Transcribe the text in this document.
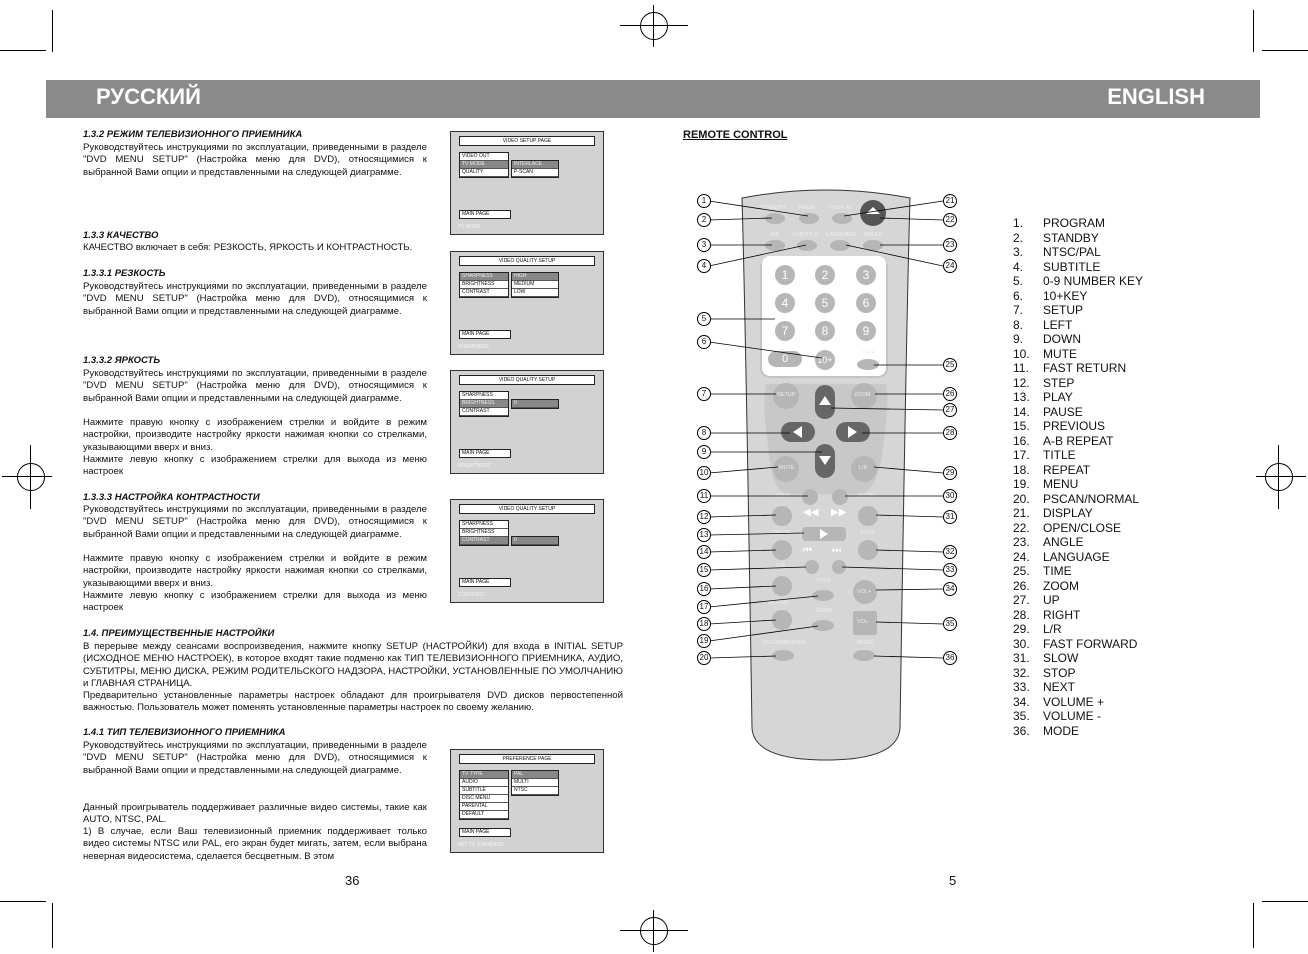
РУССКИЙ	ENGLISH
1.3.2 РЕЖИМ ТЕЛЕВИЗИОННОГО ПРИЕМНИКА
Руководствуйтесь инструкциями по эксплуатации, приведенными в разделе "DVD MENU SETUP" (Настройка меню для DVD), относящимися к выбранной Вами опции и представленными на следующей диаграмме.
1.3.3 КАЧЕСТВО
КАЧЕСТВО включает в себя: РЕЗКОСТЬ, ЯРКОСТЬ И КОНТРАСТНОСТЬ.
1.3.3.1 РЕЗКОСТЬ
Руководствуйтесь инструкциями по эксплуатации, приведенными в разделе "DVD MENU SETUP" (Настройка меню для DVD), относящимися к выбранной Вами опции и представленными на следующей диаграмме.
1.3.3.2 ЯРКОСТЬ
Руководствуйтесь инструкциями по эксплуатации, приведенными в разделе "DVD MENU SETUP" (Настройка меню для DVD), относящимися к выбранной Вами опции и представленными на следующей диаграмме.
Нажмите правую кнопку с изображением стрелки и войдите в режим настройки, производите настройку яркости нажимая кнопки со стрелками, указывающими вверх и вниз.
Нажмите левую кнопку с изображением стрелки для выхода из меню настроек
1.3.3.3 НАСТРОЙКА КОНТРАСТНОСТИ
Руководствуйтесь инструкциями по эксплуатации, приведенными в разделе "DVD MENU SETUP" (Настройка меню для DVD), относящимися к выбранной Вами опции и представленными на следующей диаграмме.
Нажмите правую кнопку с изображением стрелки и войдите в режим настройки, производите настройку яркости нажимая кнопки со стрелками, указывающими вверх и вниз.
Нажмите левую кнопку с изображением стрелки для выхода из меню настроек
1.4. ПРЕИМУЩЕСТВЕННЫЕ НАСТРОЙКИ
В перерыве между сеансами воспроизведения, нажмите кнопку SETUP (НАСТРОЙКИ) для входа в INITIAL SETUP (ИСХОДНОЕ МЕНЮ НАСТРОЕК), в которое входят такие подменю как ТИП ТЕЛЕВИЗИОННОГО ПРИЕМНИКА, АУДИО, СУБТИТРЫ, МЕНЮ ДИСКА, РЕЖИМ РОДИТЕЛЬСКОГО НАДЗОРА, НАСТРОЙКИ, УСТАНОВЛЕННЫЕ ПО УМОЛЧАНИЮ и ГЛАВНАЯ СТРАНИЦА.
Предварительно установленные параметры настроек обладают для проигрывателя DVD дисков первостепенной важностью. Пользователь может поменять установленные параметры настроек по своему желанию.
1.4.1 ТИП ТЕЛЕВИЗИОННОГО ПРИЕМНИКА
Руководствуйтесь инструкциями по эксплуатации, приведенными в разделе "DVD MENU SETUP" (Настройка меню для DVD), относящимися к выбранной Вами опции и представленными на следующей диаграмме.
Данный проигрыватель поддерживает различные видео системы, такие как AUTO, NTSC, PAL.
1) В случае, если Ваш телевизионный приемник поддерживает только видео системы NTSC или PAL, его экран будет мигать, затем, если выбрана неверная видеосистема, сделается бесцветным. В этом
36
VIDEO SETUP PAGE
VIDEO OUT
TV MODE
QUALITY
INTERLACE
P-SCAN
MAIN PAGE
TV MODE
VIDEO QUALITY SETUP
SHARPNESS
BRIGHTNESS
CONTRAST
HIGH
MEDIUM
LOW
MAIN PAGE
SHARPNESS
VIDEO QUALITY SETUP
SHARPNESS
BRIGHTNESS
CONTRAST
0
MAIN PAGE
BRIGHTNESS
VIDEO QUALITY SETUP
SHARPNESS
BRIGHTNESS
CONTRAST	0
MAIN PAGE
CONTRAST
PREFERENCE PAGE
TV TYPE
AUDIO
SUBTITLE
DISC MENU
PARENTAL
DEFAULT
PAL
MULTI
NTSC
MAIN PAGE
SET TV STANDARD
REMOTE CONTROL
STANDBY PROG	DISPLAY
N/P SUBTITLE LANGUAGE ANGLE
1	2	3
4	5	6
7	8	9
0	10+
TIME
SETUP	ZOOM
MUTE	L/R
STEP	SLOW
◀◀ ▶▶
PAUSE	STOP
⏮ ⏭
A-B
TITLE
VOL+
REPEAT
MENU
VOL-
PSCAN/NORMAL	MODE
1
2
3
4
5
6
7
8
9
10
11
12
13
14
15
16
17
18
19
20
21
22
23
24
25
26
27
28
29
30
31
32
33
34
35
36
1. PROGRAM
2. STANDBY
3. NTSC/PAL
4. SUBTITLE
5. 0-9 NUMBER KEY
6. 10+KEY
7. SETUP
8. LEFT
9. DOWN
10. MUTE
11. FAST RETURN
12. STEP
13. PLAY
14. PAUSE
15. PREVIOUS
16. A-B REPEAT
17. TITLE
18. REPEAT
19. MENU
20. PSCAN/NORMAL
21. DISPLAY
22. OPEN/CLOSE
23. ANGLE
24. LANGUAGE
25. TIME
26. ZOOM
27. UP
28. RIGHT
29. L/R
30. FAST FORWARD
31. SLOW
32. STOP
33. NEXT
34. VOLUME +
35. VOLUME -
36. MODE
5
